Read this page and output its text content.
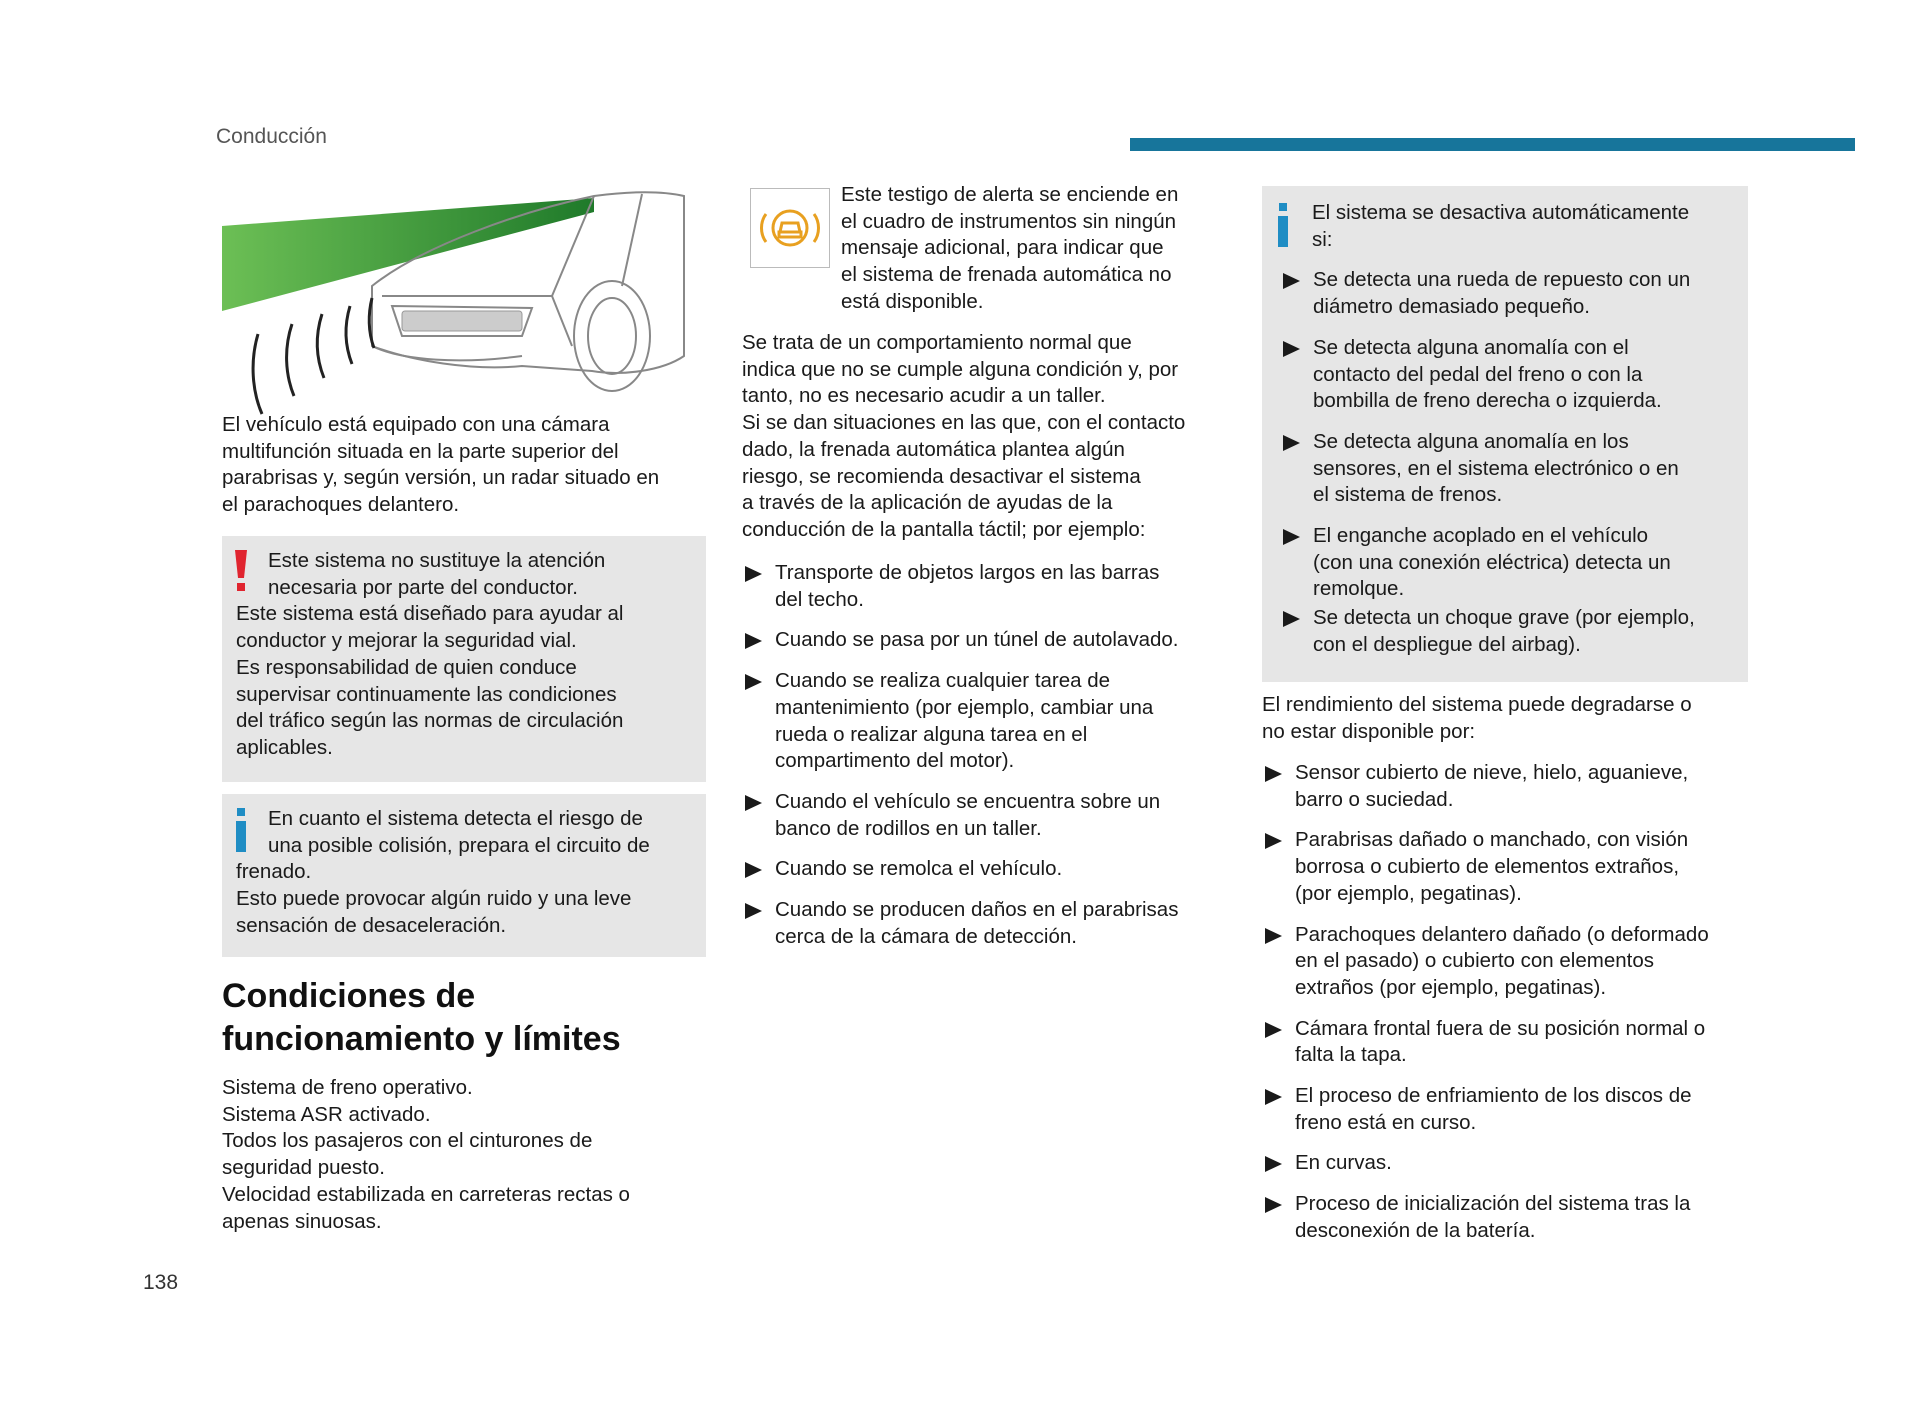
Conducción

El vehículo está equipado con una cámara

multifunción situada en la parte superior del

parabrisas y, según versión, un radar situado en

el parachoques delantero.

Este sistema no sustituye la atención

necesaria por parte del conductor.

Este sistema está diseñado para ayudar al

conductor y mejorar la seguridad vial.

Es responsabilidad de quien conduce

supervisar continuamente las condiciones

del tráfico según las normas de circulación

aplicables.

En cuanto el sistema detecta el riesgo de

una posible colisión, prepara el circuito de

frenado.

Esto puede provocar algún ruido y una leve

sensación de desaceleración.

Condiciones de
funcionamiento y límites

Sistema de freno operativo.

Sistema ASR activado.

Todos los pasajeros con el cinturones de

seguridad puesto.

Velocidad estabilizada en carreteras rectas o

apenas sinuosas.

Este testigo de alerta se enciende en

el cuadro de instrumentos sin ningún

mensaje adicional, para indicar que

el sistema de frenada automática no

está disponible.

Se trata de un comportamiento normal que

indica que no se cumple alguna condición y, por

tanto, no es necesario acudir a un taller.

Si se dan situaciones en las que, con el contacto

dado, la frenada automática plantea algún

riesgo, se recomienda desactivar el sistema

a través de la aplicación de ayudas de la

conducción de la pantalla táctil; por ejemplo:

Transporte de objetos largos en las barras
del techo.
Cuando se pasa por un túnel de autolavado.
Cuando se realiza cualquier tarea de
mantenimiento (por ejemplo, cambiar una
rueda o realizar alguna tarea en el
compartimento del motor).
Cuando el vehículo se encuentra sobre un
banco de rodillos en un taller.
Cuando se remolca el vehículo.
Cuando se producen daños en el parabrisas
cerca de la cámara de detección.

El sistema se desactiva automáticamente

si:

Se detecta una rueda de repuesto con un
diámetro demasiado pequeño.
Se detecta alguna anomalía con el
contacto del pedal del freno o con la
bombilla de freno derecha o izquierda.
Se detecta alguna anomalía en los
sensores, en el sistema electrónico o en
el sistema de frenos.
El enganche acoplado en el vehículo
(con una conexión eléctrica) detecta un
remolque.
Se detecta un choque grave (por ejemplo,
con el despliegue del airbag).

El rendimiento del sistema puede degradarse o

no estar disponible por:

Sensor cubierto de nieve, hielo, aguanieve,
barro o suciedad.
Parabrisas dañado o manchado, con visión
borrosa o cubierto de elementos extraños,
(por ejemplo, pegatinas).
Parachoques delantero dañado (o deformado
en el pasado) o cubierto con elementos
extraños (por ejemplo, pegatinas).
Cámara frontal fuera de su posición normal o
falta la tapa.
El proceso de enfriamiento de los discos de
freno está en curso.
En curvas.
Proceso de inicialización del sistema tras la
desconexión de la batería.
138
